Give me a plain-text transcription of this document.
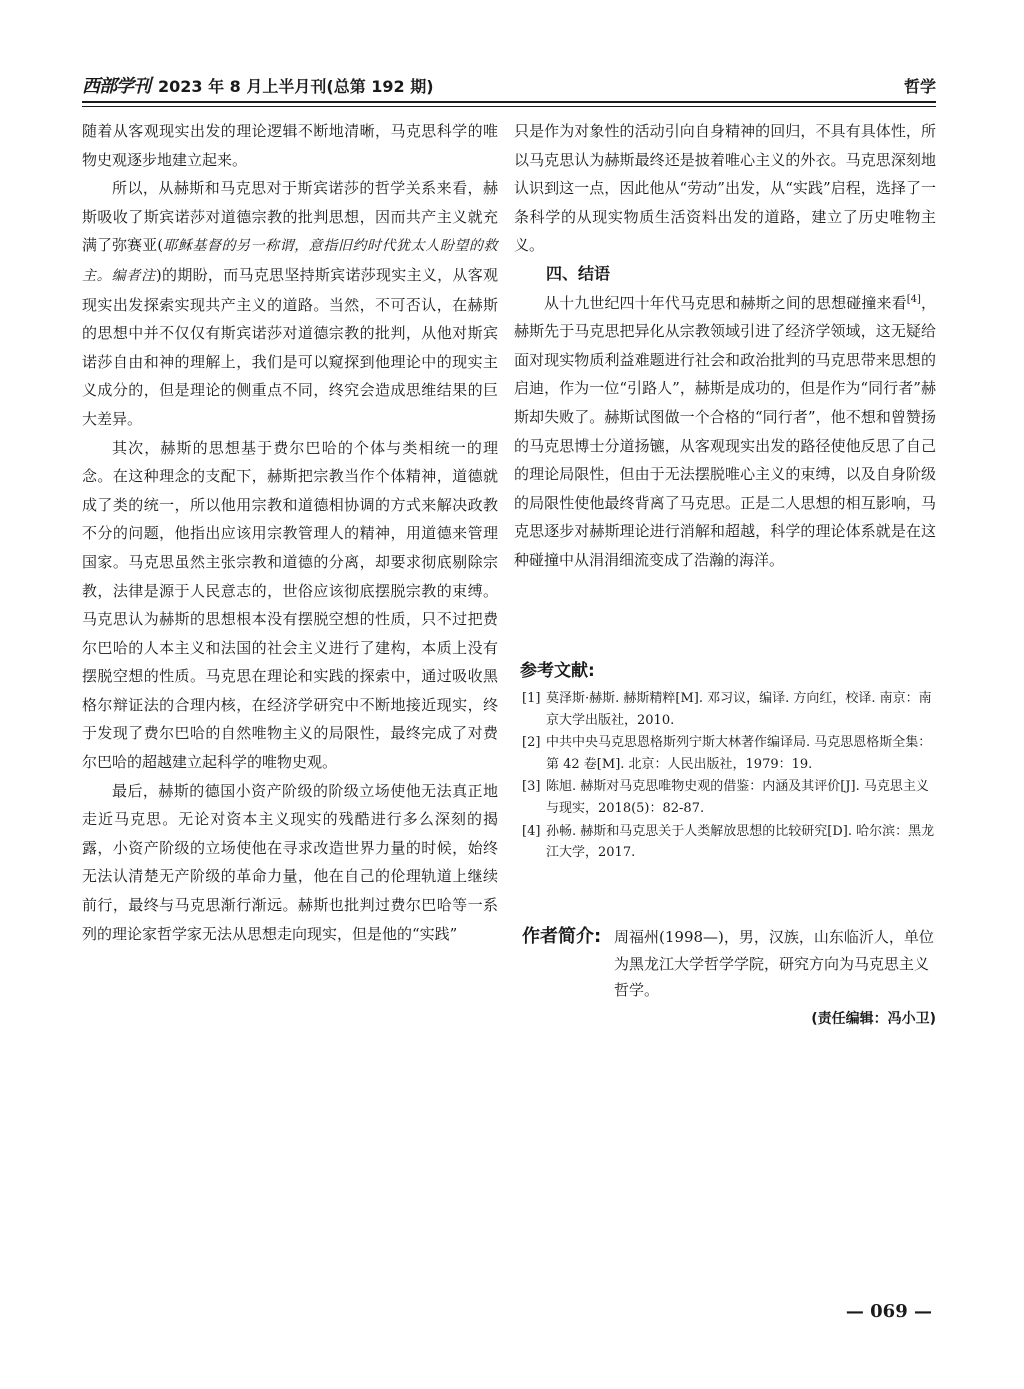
西部学刊 2023 年 8 月上半月刊(总第 192 期)	哲学

随着从客观现实出发的理论逻辑不断地清晰，马克思科学的唯物史观逐步地建立起来。

所以，从赫斯和马克思对于斯宾诺莎的哲学关系来看，赫斯吸收了斯宾诺莎对道德宗教的批判思想，因而共产主义就充满了弥赛亚(耶稣基督的另一称谓，意指旧约时代犹太人盼望的救主。编者注)的期盼，而马克思坚持斯宾诺莎现实主义，从客观现实出发探索实现共产主义的道路。当然，不可否认，在赫斯的思想中并不仅仅有斯宾诺莎对道德宗教的批判，从他对斯宾诺莎自由和神的理解上，我们是可以窥探到他理论中的现实主义成分的，但是理论的侧重点不同，终究会造成思维结果的巨大差异。

其次，赫斯的思想基于费尔巴哈的个体与类相统一的理念。在这种理念的支配下，赫斯把宗教当作个体精神，道德就成了类的统一，所以他用宗教和道德相协调的方式来解决政教不分的问题，他指出应该用宗教管理人的精神，用道德来管理国家。马克思虽然主张宗教和道德的分离，却要求彻底剔除宗教，法律是源于人民意志的，世俗应该彻底摆脱宗教的束缚。马克思认为赫斯的思想根本没有摆脱空想的性质，只不过把费尔巴哈的人本主义和法国的社会主义进行了建构，本质上没有摆脱空想的性质。马克思在理论和实践的探索中，通过吸收黑格尔辩证法的合理内核，在经济学研究中不断地接近现实，终于发现了费尔巴哈的自然唯物主义的局限性，最终完成了对费尔巴哈的超越建立起科学的唯物史观。

最后，赫斯的德国小资产阶级的阶级立场使他无法真正地走近马克思。无论对资本主义现实的残酷进行多么深刻的揭露，小资产阶级的立场使他在寻求改造世界力量的时候，始终无法认清楚无产阶级的革命力量，他在自己的伦理轨道上继续前行，最终与马克思渐行渐远。赫斯也批判过费尔巴哈等一系列的理论家哲学家无法从思想走向现实，但是他的“实践”

只是作为对象性的活动引向自身精神的回归，不具有具体性，所以马克思认为赫斯最终还是披着唯心主义的外衣。马克思深刻地认识到这一点，因此他从“劳动”出发，从“实践”启程，选择了一条科学的从现实物质生活资料出发的道路，建立了历史唯物主义。

四、结语

从十九世纪四十年代马克思和赫斯之间的思想碰撞来看[4]，赫斯先于马克思把异化从宗教领域引进了经济学领域，这无疑给面对现实物质利益难题进行社会和政治批判的马克思带来思想的启迪，作为一位“引路人”，赫斯是成功的，但是作为“同行者”赫斯却失败了。赫斯试图做一个合格的“同行者”，他不想和曾赞扬的马克思博士分道扬镳，从客观现实出发的路径使他反思了自己的理论局限性，但由于无法摆脱唯心主义的束缚，以及自身阶级的局限性使他最终背离了马克思。正是二人思想的相互影响，马克思逐步对赫斯理论进行消解和超越，科学的理论体系就是在这种碰撞中从涓涓细流变成了浩瀚的海洋。

参考文献:
[1] 莫泽斯·赫斯. 赫斯精粹[M]. 邓习议，编译. 方向红，校译. 南京：南京大学出版社，2010.
[2] 中共中央马克思恩格斯列宁斯大林著作编译局. 马克思恩格斯全集：第 42 卷[M]. 北京：人民出版社，1979：19.
[3] 陈旭. 赫斯对马克思唯物史观的借鉴：内涵及其评价[J]. 马克思主义与现实，2018(5)：82-87.
[4] 孙畅. 赫斯和马克思关于人类解放思想的比较研究[D]. 哈尔滨：黑龙江大学，2017.
作者简介: 周福州(1998—)，男，汉族，山东临沂人，单位为黑龙江大学哲学学院，研究方向为马克思主义哲学。
(责任编辑：冯小卫)
— 069 —
